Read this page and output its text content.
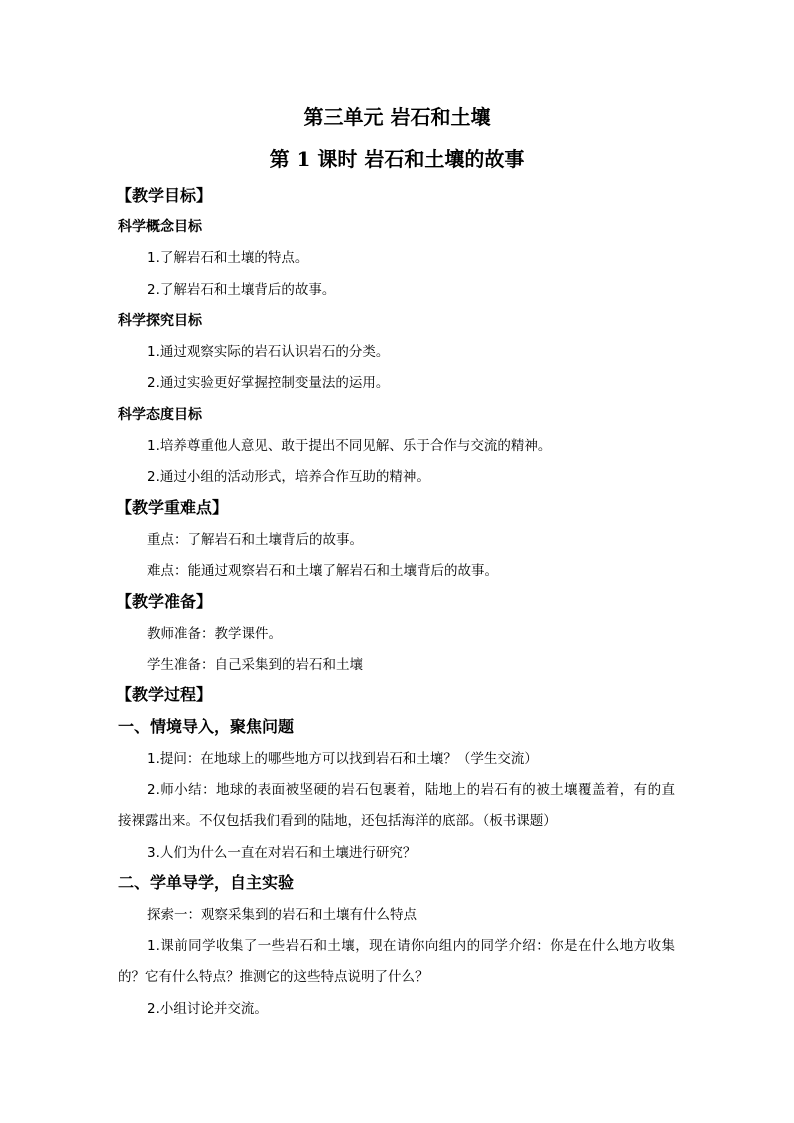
第三单元 岩石和土壤
第 1 课时 岩石和土壤的故事
【教学目标】
科学概念目标
1.了解岩石和土壤的特点。
2.了解岩石和土壤背后的故事。
科学探究目标
1.通过观察实际的岩石认识岩石的分类。
2.通过实验更好掌握控制变量法的运用。
科学态度目标
1.培养尊重他人意见、敢于提出不同见解、乐于合作与交流的精神。
2.通过小组的活动形式，培养合作互助的精神。
【教学重难点】
重点：了解岩石和土壤背后的故事。
难点：能通过观察岩石和土壤了解岩石和土壤背后的故事。
【教学准备】
教师准备：教学课件。
学生准备：自己采集到的岩石和土壤
【教学过程】
一、情境导入，聚焦问题
1.提问：在地球上的哪些地方可以找到岩石和土壤？（学生交流）
2.师小结：地球的表面被坚硬的岩石包裹着，陆地上的岩石有的被土壤覆盖着，有的直
接裸露出来。不仅包括我们看到的陆地，还包括海洋的底部。（板书课题）
3.人们为什么一直在对岩石和土壤进行研究？
二、学单导学，自主实验
探索一：观察采集到的岩石和土壤有什么特点
1.课前同学收集了一些岩石和土壤，现在请你向组内的同学介绍：你是在什么地方收集
的？它有什么特点？推测它的这些特点说明了什么？
2.小组讨论并交流。
